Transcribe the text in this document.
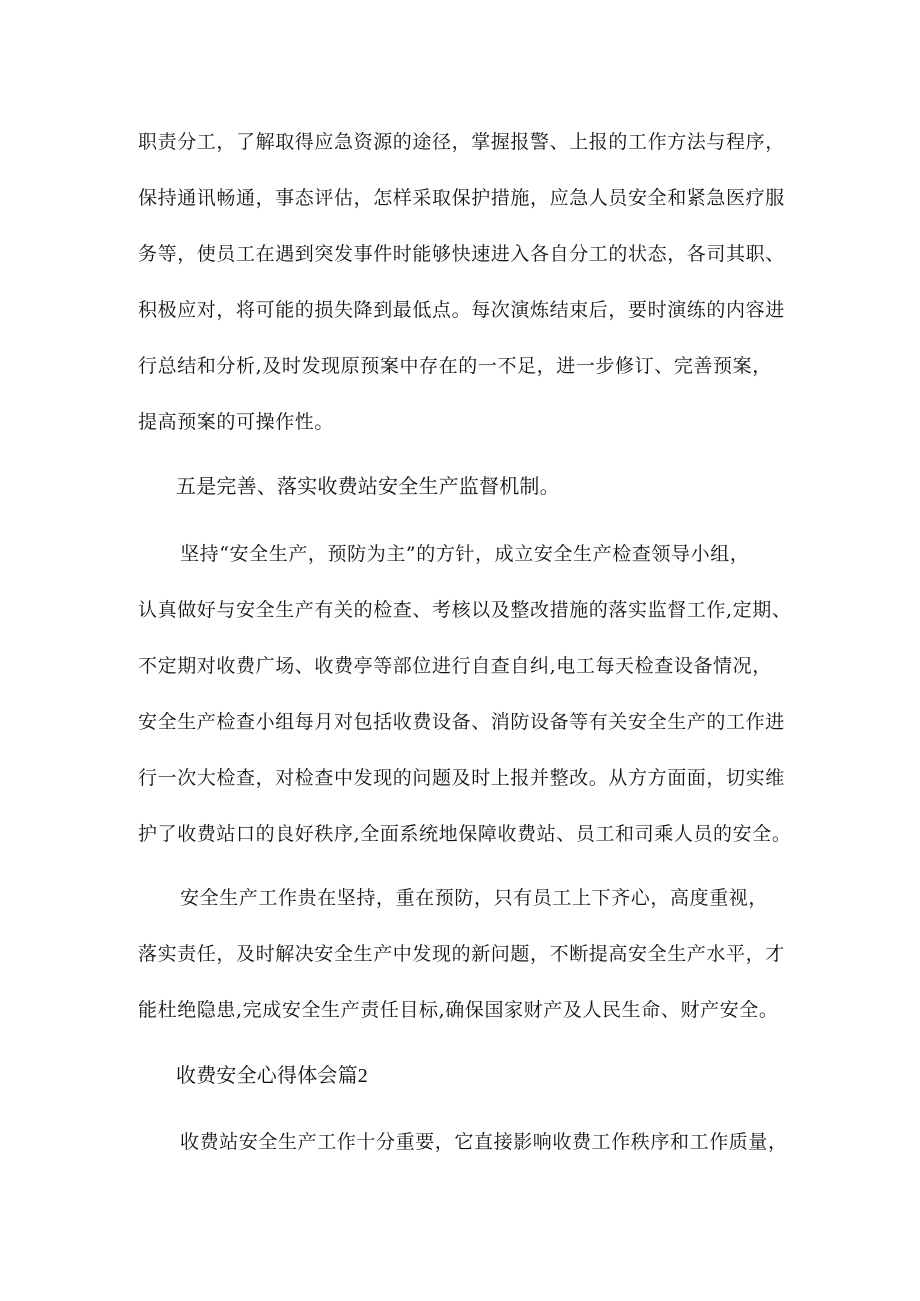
职责分工，了解取得应急资源的途径，掌握报警、上报的工作方法与程序，
保持通讯畅通，事态评估，怎样采取保护措施，应急人员安全和紧急医疗服
务等，使员工在遇到突发事件时能够快速进入各自分工的状态，各司其职、
积极应对，将可能的损失降到最低点。每次演炼结束后，要时演练的内容进
行总结和分析,及时发现原预案中存在的一不足，进一步修订、完善预案，
提高预案的可操作性。
五是完善、落实收费站安全生产监督机制。
坚持“安全生产，预防为主”的方针，成立安全生产检查领导小组，
认真做好与安全生产有关的检查、考核以及整改措施的落实监督工作,定期、
不定期对收费广场、收费亭等部位进行自查自纠,电工每天检查设备情况，
安全生产检查小组每月对包括收费设备、消防设备等有关安全生产的工作进
行一次大检查，对检查中发现的问题及时上报并整改。从方方面面，切实维
护了收费站口的良好秩序,全面系统地保障收费站、员工和司乘人员的安全。
安全生产工作贵在坚持，重在预防，只有员工上下齐心，高度重视，
落实责任，及时解决安全生产中发现的新问题，不断提高安全生产水平，才
能杜绝隐患,完成安全生产责任目标,确保国家财产及人民生命、财产安全。
收费安全心得体会篇2
收费站安全生产工作十分重要，它直接影响收费工作秩序和工作质量，
